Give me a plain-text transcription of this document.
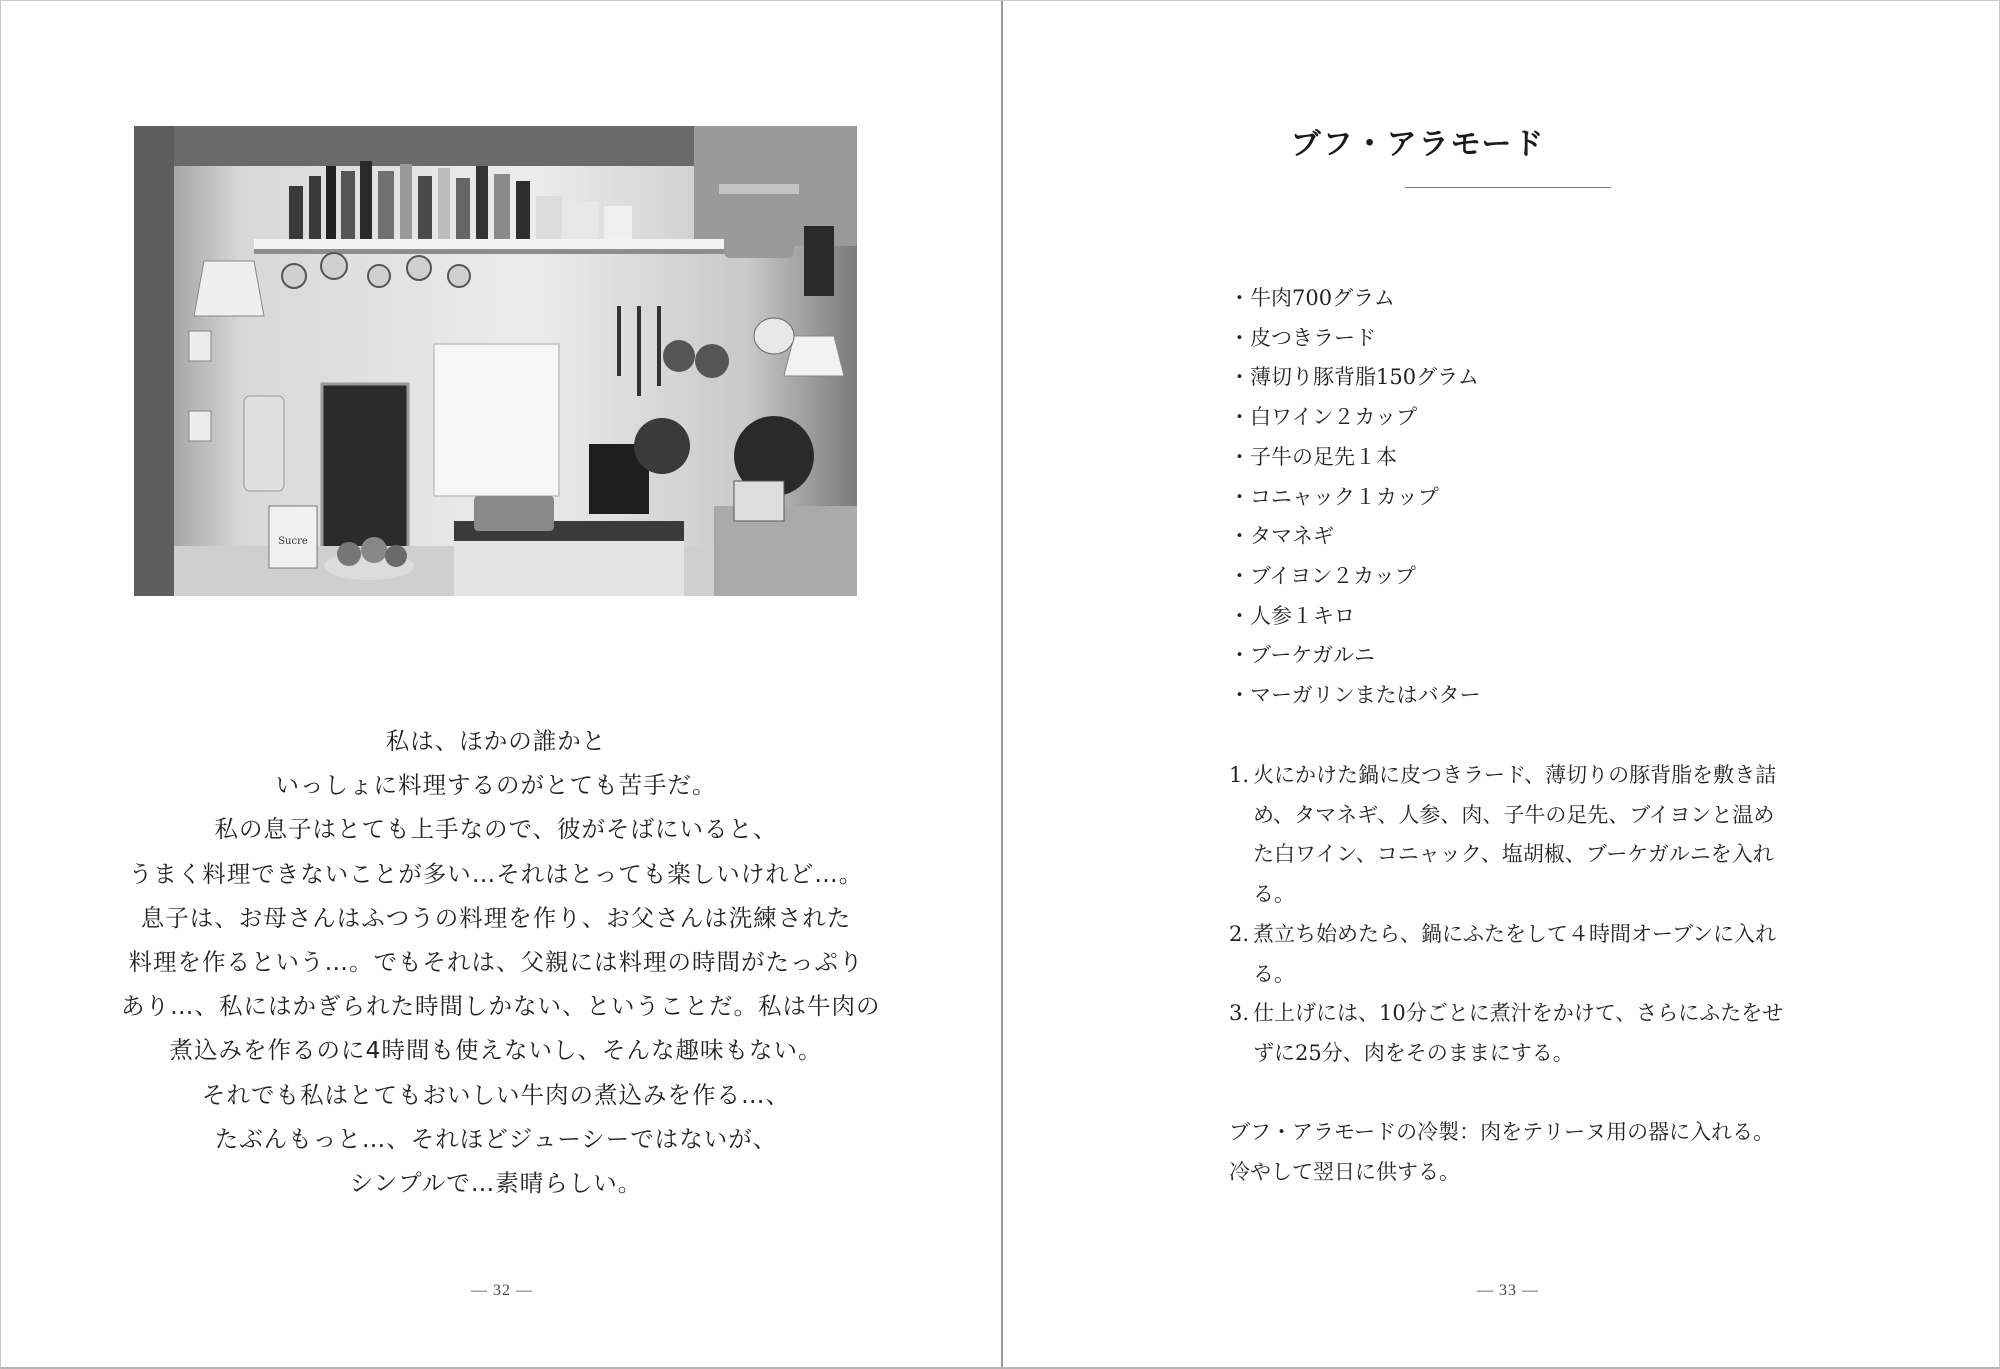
Sucre
私は、ほかの誰かと
いっしょに料理するのがとても苦手だ。
私の息子はとても上手なので、彼がそばにいると、
うまく料理できないことが多い…それはとっても楽しいけれど…。
息子は、お母さんはふつうの料理を作り、お父さんは洗練された
料理を作るという…。でもそれは、父親には料理の時間がたっぷり
あり…、私にはかぎられた時間しかない、ということだ。私は牛肉の
煮込みを作るのに4時間も使えないし、そんな趣味もない。
それでも私はとてもおいしい牛肉の煮込みを作る…、
たぶんもっと…、それほどジューシーではないが、
シンプルで…素晴らしい。
— 32 —
ブフ・アラモード
・牛肉700グラム
・皮つきラード
・薄切り豚背脂150グラム
・白ワイン２カップ
・子牛の足先１本
・コニャック１カップ
・タマネギ
・ブイヨン２カップ
・人参１キロ
・ブーケガルニ
・マーガリンまたはバター
1. 火にかけた鍋に皮つきラード、薄切りの豚背脂を敷き詰め、タマネギ、人参、肉、子牛の足先、ブイヨンと温めた白ワイン、コニャック、塩胡椒、ブーケガルニを入れる。
2. 煮立ち始めたら、鍋にふたをして４時間オーブンに入れる。
3. 仕上げには、10分ごとに煮汁をかけて、さらにふたをせずに25分、肉をそのままにする。
ブフ・アラモードの冷製：肉をテリーヌ用の器に入れる。
冷やして翌日に供する。
— 33 —
